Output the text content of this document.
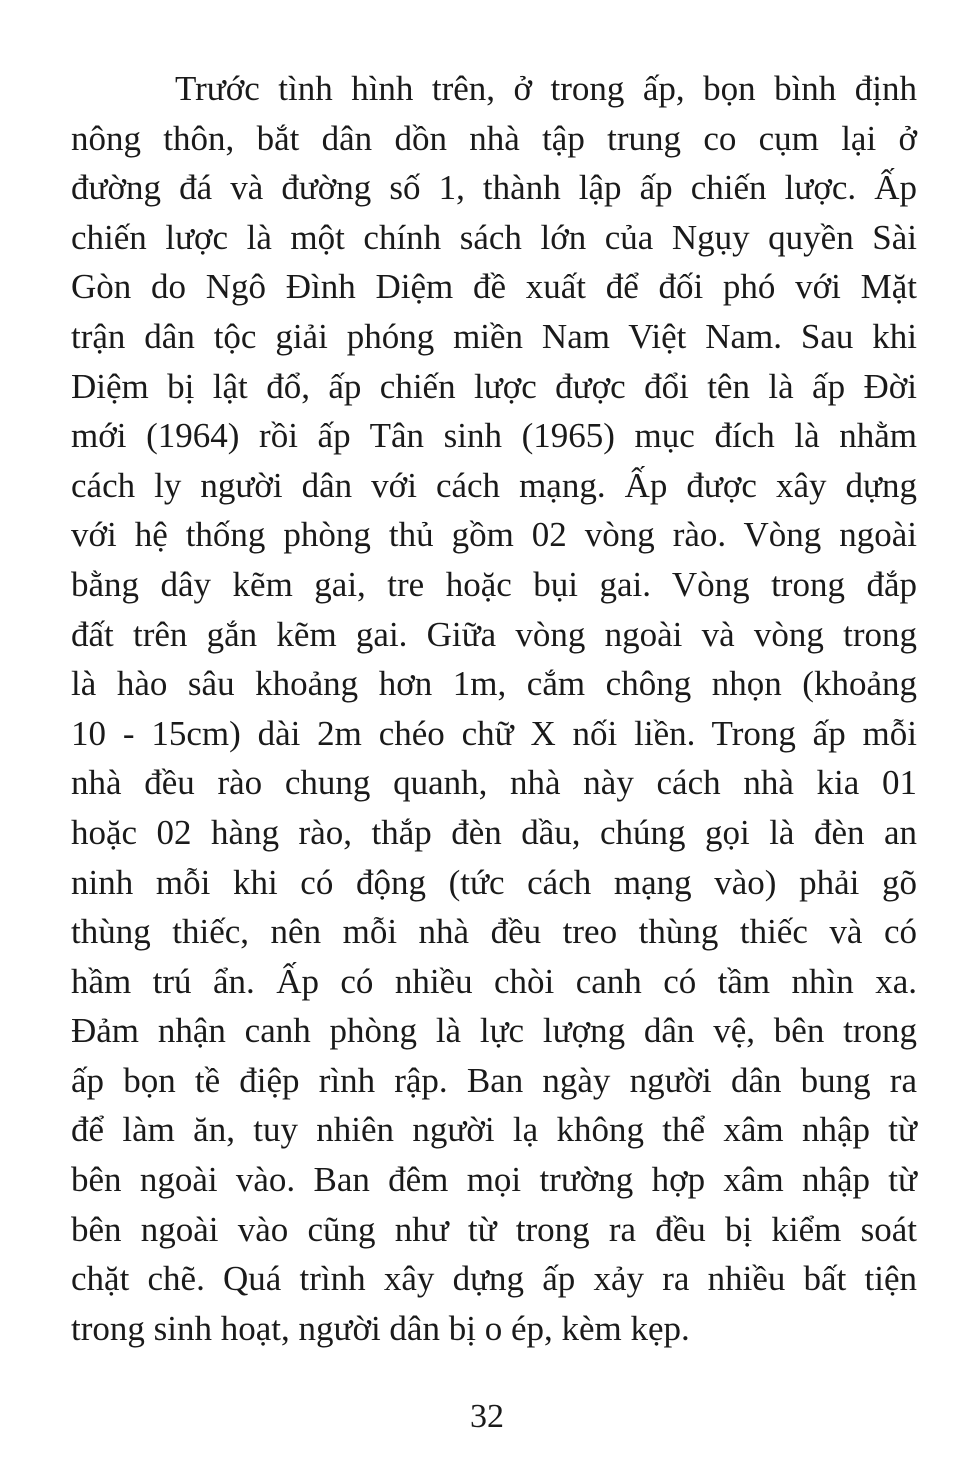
Trước tình hình trên, ở trong ấp, bọn bình định
nông thôn, bắt dân dồn nhà tập trung co cụm lại ở
đường đá và đường số 1, thành lập ấp chiến lược. Ấp
chiến lược là một chính sách lớn của Ngụy quyền Sài
Gòn do Ngô Đình Diệm đề xuất để đối phó với Mặt
trận dân tộc giải phóng miền Nam Việt Nam. Sau khi
Diệm bị lật đổ, ấp chiến lược được đổi tên là ấp Đời
mới (1964) rồi ấp Tân sinh (1965) mục đích là nhằm
cách ly người dân với cách mạng. Ấp được xây dựng
với hệ thống phòng thủ gồm 02 vòng rào. Vòng ngoài
bằng dây kẽm gai, tre hoặc bụi gai. Vòng trong đắp
đất trên gắn kẽm gai. Giữa vòng ngoài và vòng trong
là hào sâu khoảng hơn 1m, cắm chông nhọn (khoảng
10 - 15cm) dài 2m chéo chữ X nối liền. Trong ấp mỗi
nhà đều rào chung quanh, nhà này cách nhà kia 01
hoặc 02 hàng rào, thắp đèn dầu, chúng gọi là đèn an
ninh mỗi khi có động (tức cách mạng vào) phải gõ
thùng thiếc, nên mỗi nhà đều treo thùng thiếc và có
hầm trú ẩn. Ấp có nhiều chòi canh có tầm nhìn xa.
Đảm nhận canh phòng là lực lượng dân vệ, bên trong
ấp bọn tề điệp rình rập. Ban ngày người dân bung ra
để làm ăn, tuy nhiên người lạ không thể xâm nhập từ
bên ngoài vào. Ban đêm mọi trường hợp xâm nhập từ
bên ngoài vào cũng như từ trong ra đều bị kiểm soát
chặt chẽ. Quá trình xây dựng ấp xảy ra nhiều bất tiện
trong sinh hoạt, người dân bị o ép, kèm kẹp.
32
